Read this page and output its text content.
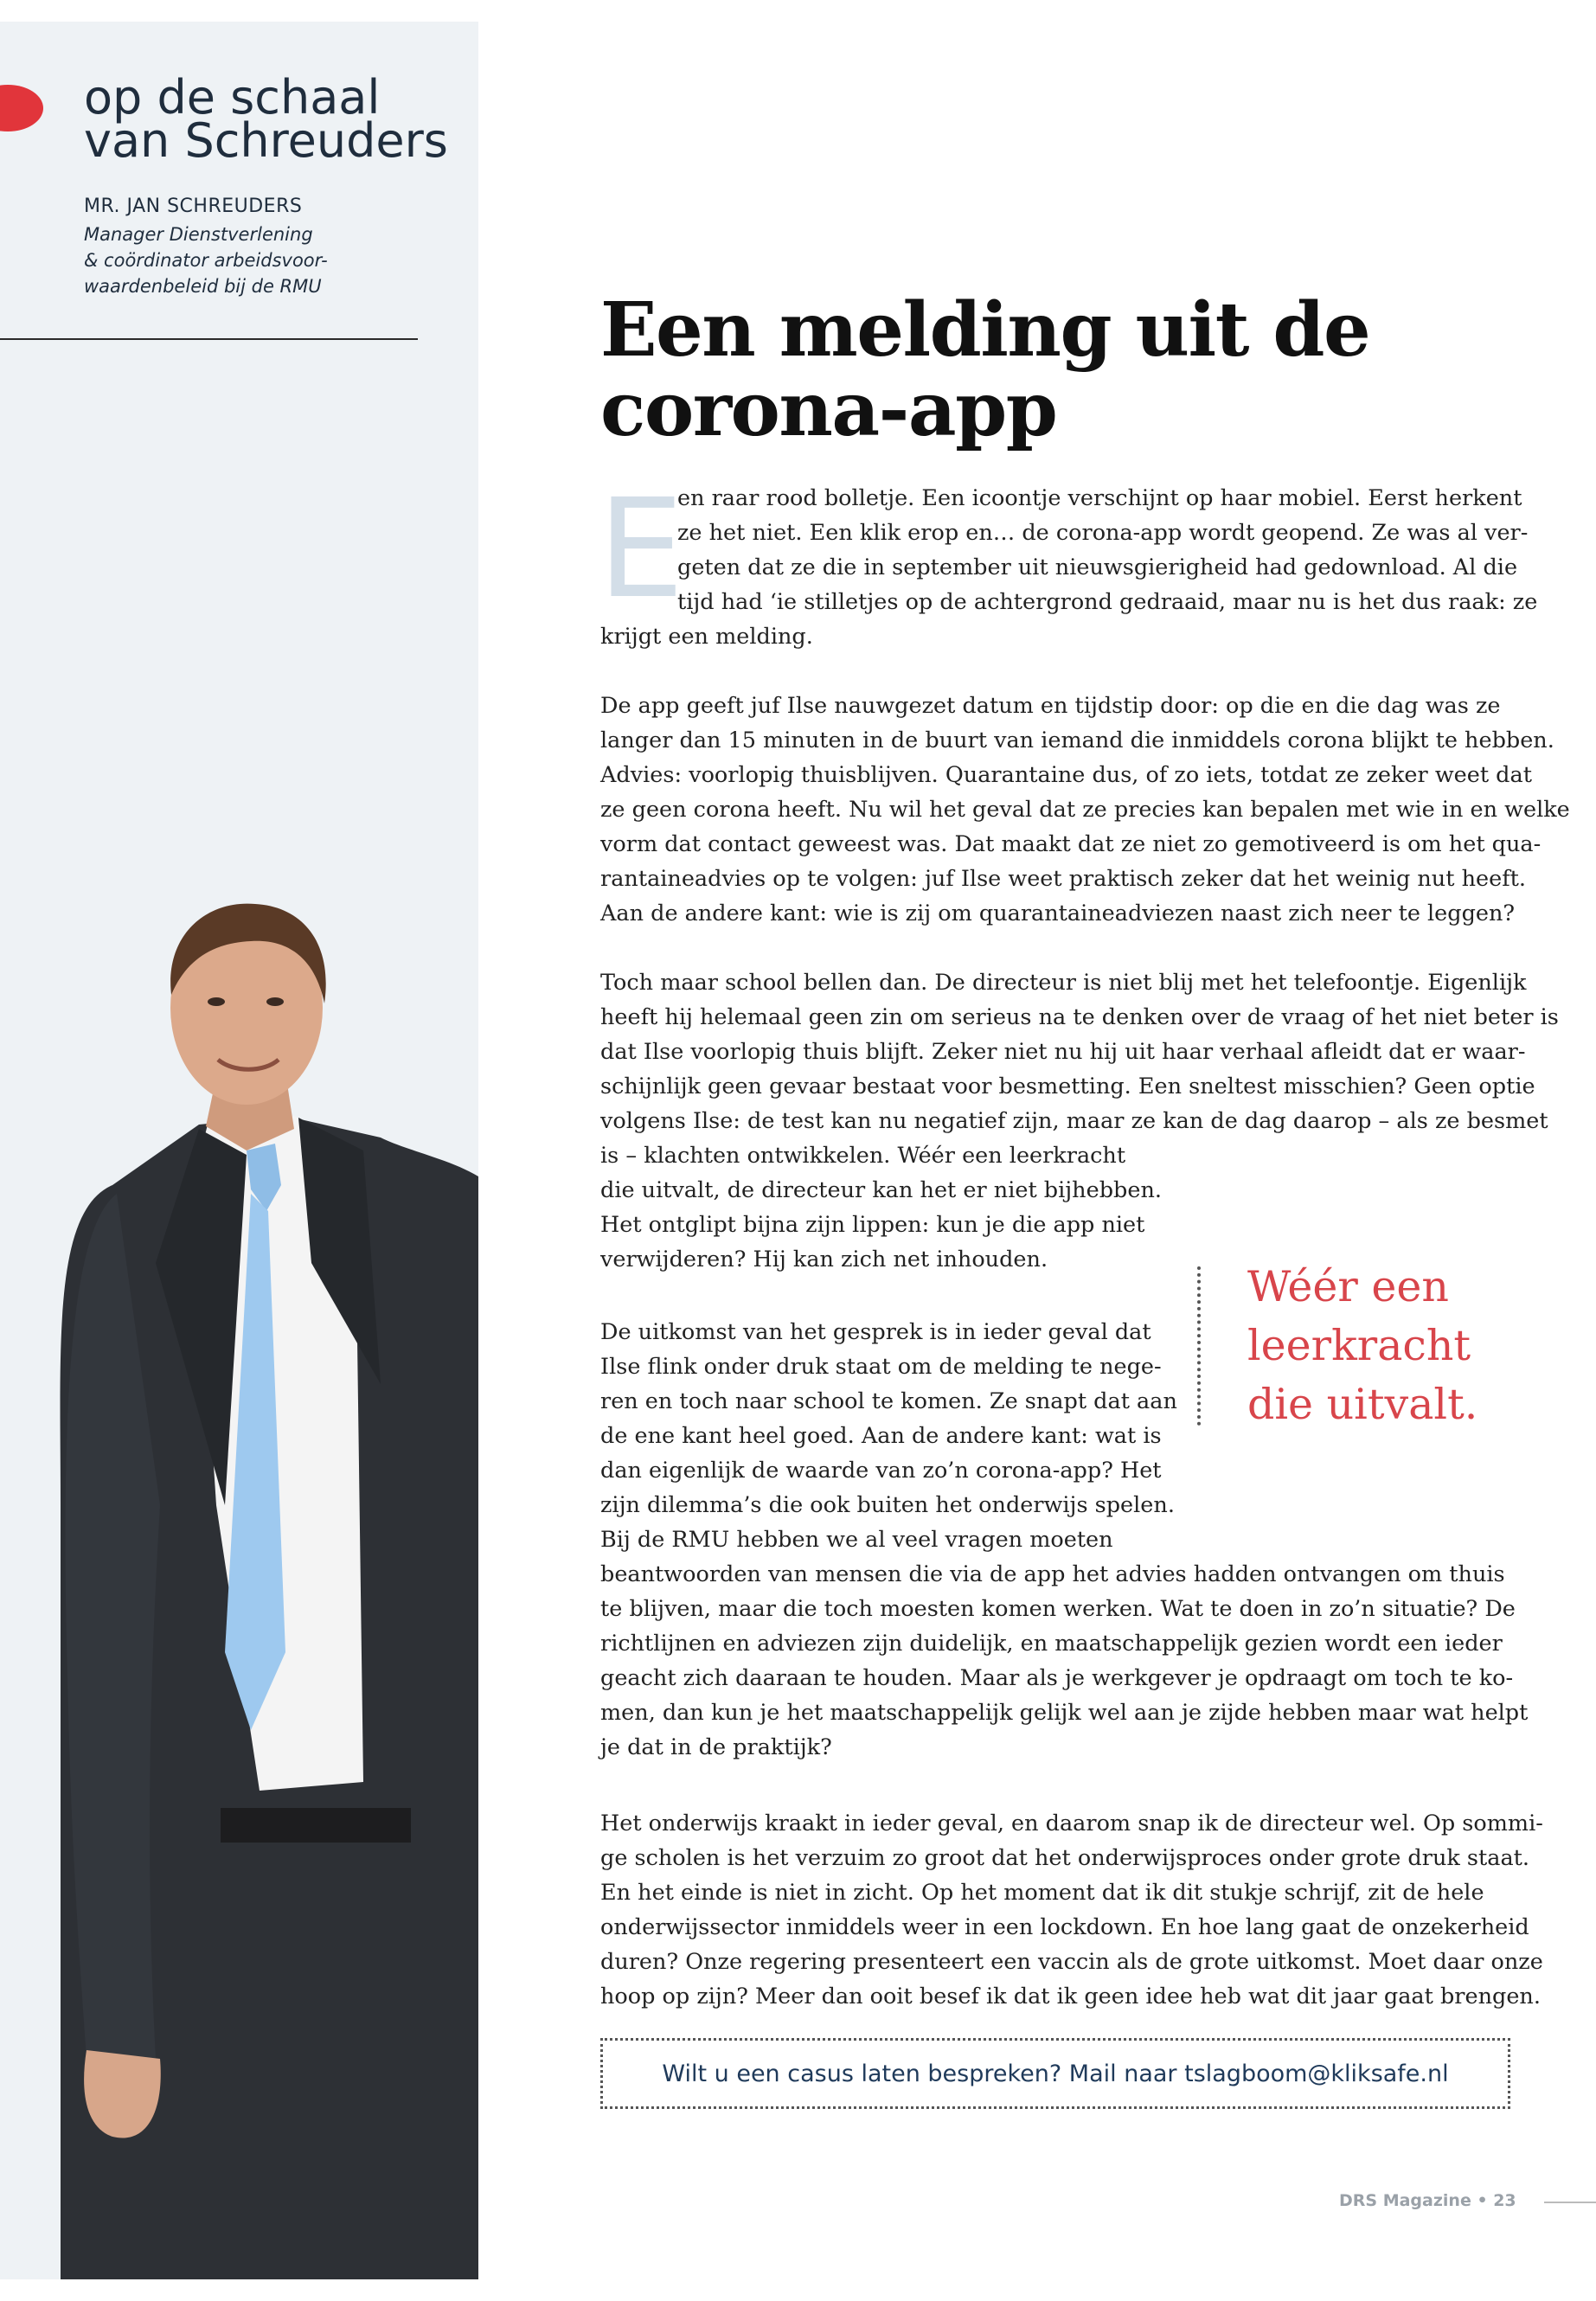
op de schaal
van Schreuders
MR. JAN SCHREUDERS
Manager Dienstverlening
& coördinator arbeidsvoor-
waardenbeleid bij de RMU	Een melding uit de
corona-app
E
en raar rood bolletje. Een icoontje verschijnt op haar mobiel. Eerst herkent
ze het niet. Een klik erop en… de corona-app wordt geopend. Ze was al ver-
geten dat ze die in september uit nieuwsgierigheid had gedownload. Al die
tijd had ‘ie stilletjes op de achtergrond gedraaid, maar nu is het dus raak: ze
krijgt een melding.
De app geeft juf Ilse nauwgezet datum en tijdstip door: op die en die dag was ze
langer dan 15 minuten in de buurt van iemand die inmiddels corona blijkt te hebben.
Advies: voorlopig thuisblijven. Quarantaine dus, of zo iets, totdat ze zeker weet dat
ze geen corona heeft. Nu wil het geval dat ze precies kan bepalen met wie in en welke
vorm dat contact geweest was. Dat maakt dat ze niet zo gemotiveerd is om het qua-
rantaineadvies op te volgen: juf Ilse weet praktisch zeker dat het weinig nut heeft.
Aan de andere kant: wie is zij om quarantaineadviezen naast zich neer te leggen?
Toch maar school bellen dan. De directeur is niet blij met het telefoontje. Eigenlijk
heeft hij helemaal geen zin om serieus na te denken over de vraag of het niet beter is
dat Ilse voorlopig thuis blijft. Zeker niet nu hij uit haar verhaal afleidt dat er waar-
schijnlijk geen gevaar bestaat voor besmetting. Een sneltest misschien? Geen optie
volgens Ilse: de test kan nu negatief zijn, maar ze kan de dag daarop – als ze besmet
is – klachten ontwikkelen. Wéér een leerkracht
die uitvalt, de directeur kan het er niet bijhebben.
Het ontglipt bijna zijn lippen: kun je die app niet
verwijderen? Hij kan zich net inhouden.
Wéér een
leerkracht
die uitvalt.
De uitkomst van het gesprek is in ieder geval dat
Ilse flink onder druk staat om de melding te nege-
ren en toch naar school te komen. Ze snapt dat aan
de ene kant heel goed. Aan de andere kant: wat is
dan eigenlijk de waarde van zo’n corona-app? Het
zijn dilemma’s die ook buiten het onderwijs spelen.
Bij de RMU hebben we al veel vragen moeten
beantwoorden van mensen die via de app het advies hadden ontvangen om thuis
te blijven, maar die toch moesten komen werken. Wat te doen in zo’n situatie? De
richtlijnen en adviezen zijn duidelijk, en maatschappelijk gezien wordt een ieder
geacht zich daaraan te houden. Maar als je werkgever je opdraagt om toch te ko-
men, dan kun je het maatschappelijk gelijk wel aan je zijde hebben maar wat helpt
je dat in de praktijk?
Het onderwijs kraakt in ieder geval, en daarom snap ik de directeur wel. Op sommi-
ge scholen is het verzuim zo groot dat het onderwijsproces onder grote druk staat.
En het einde is niet in zicht. Op het moment dat ik dit stukje schrijf, zit de hele
onderwijssector inmiddels weer in een lockdown. En hoe lang gaat de onzekerheid
duren? Onze regering presenteert een vaccin als de grote uitkomst. Moet daar onze
hoop op zijn? Meer dan ooit besef ik dat ik geen idee heb wat dit jaar gaat brengen.
Wilt u een casus laten bespreken? Mail naar tslagboom@kliksafe.nl
DRS Magazine • 23
